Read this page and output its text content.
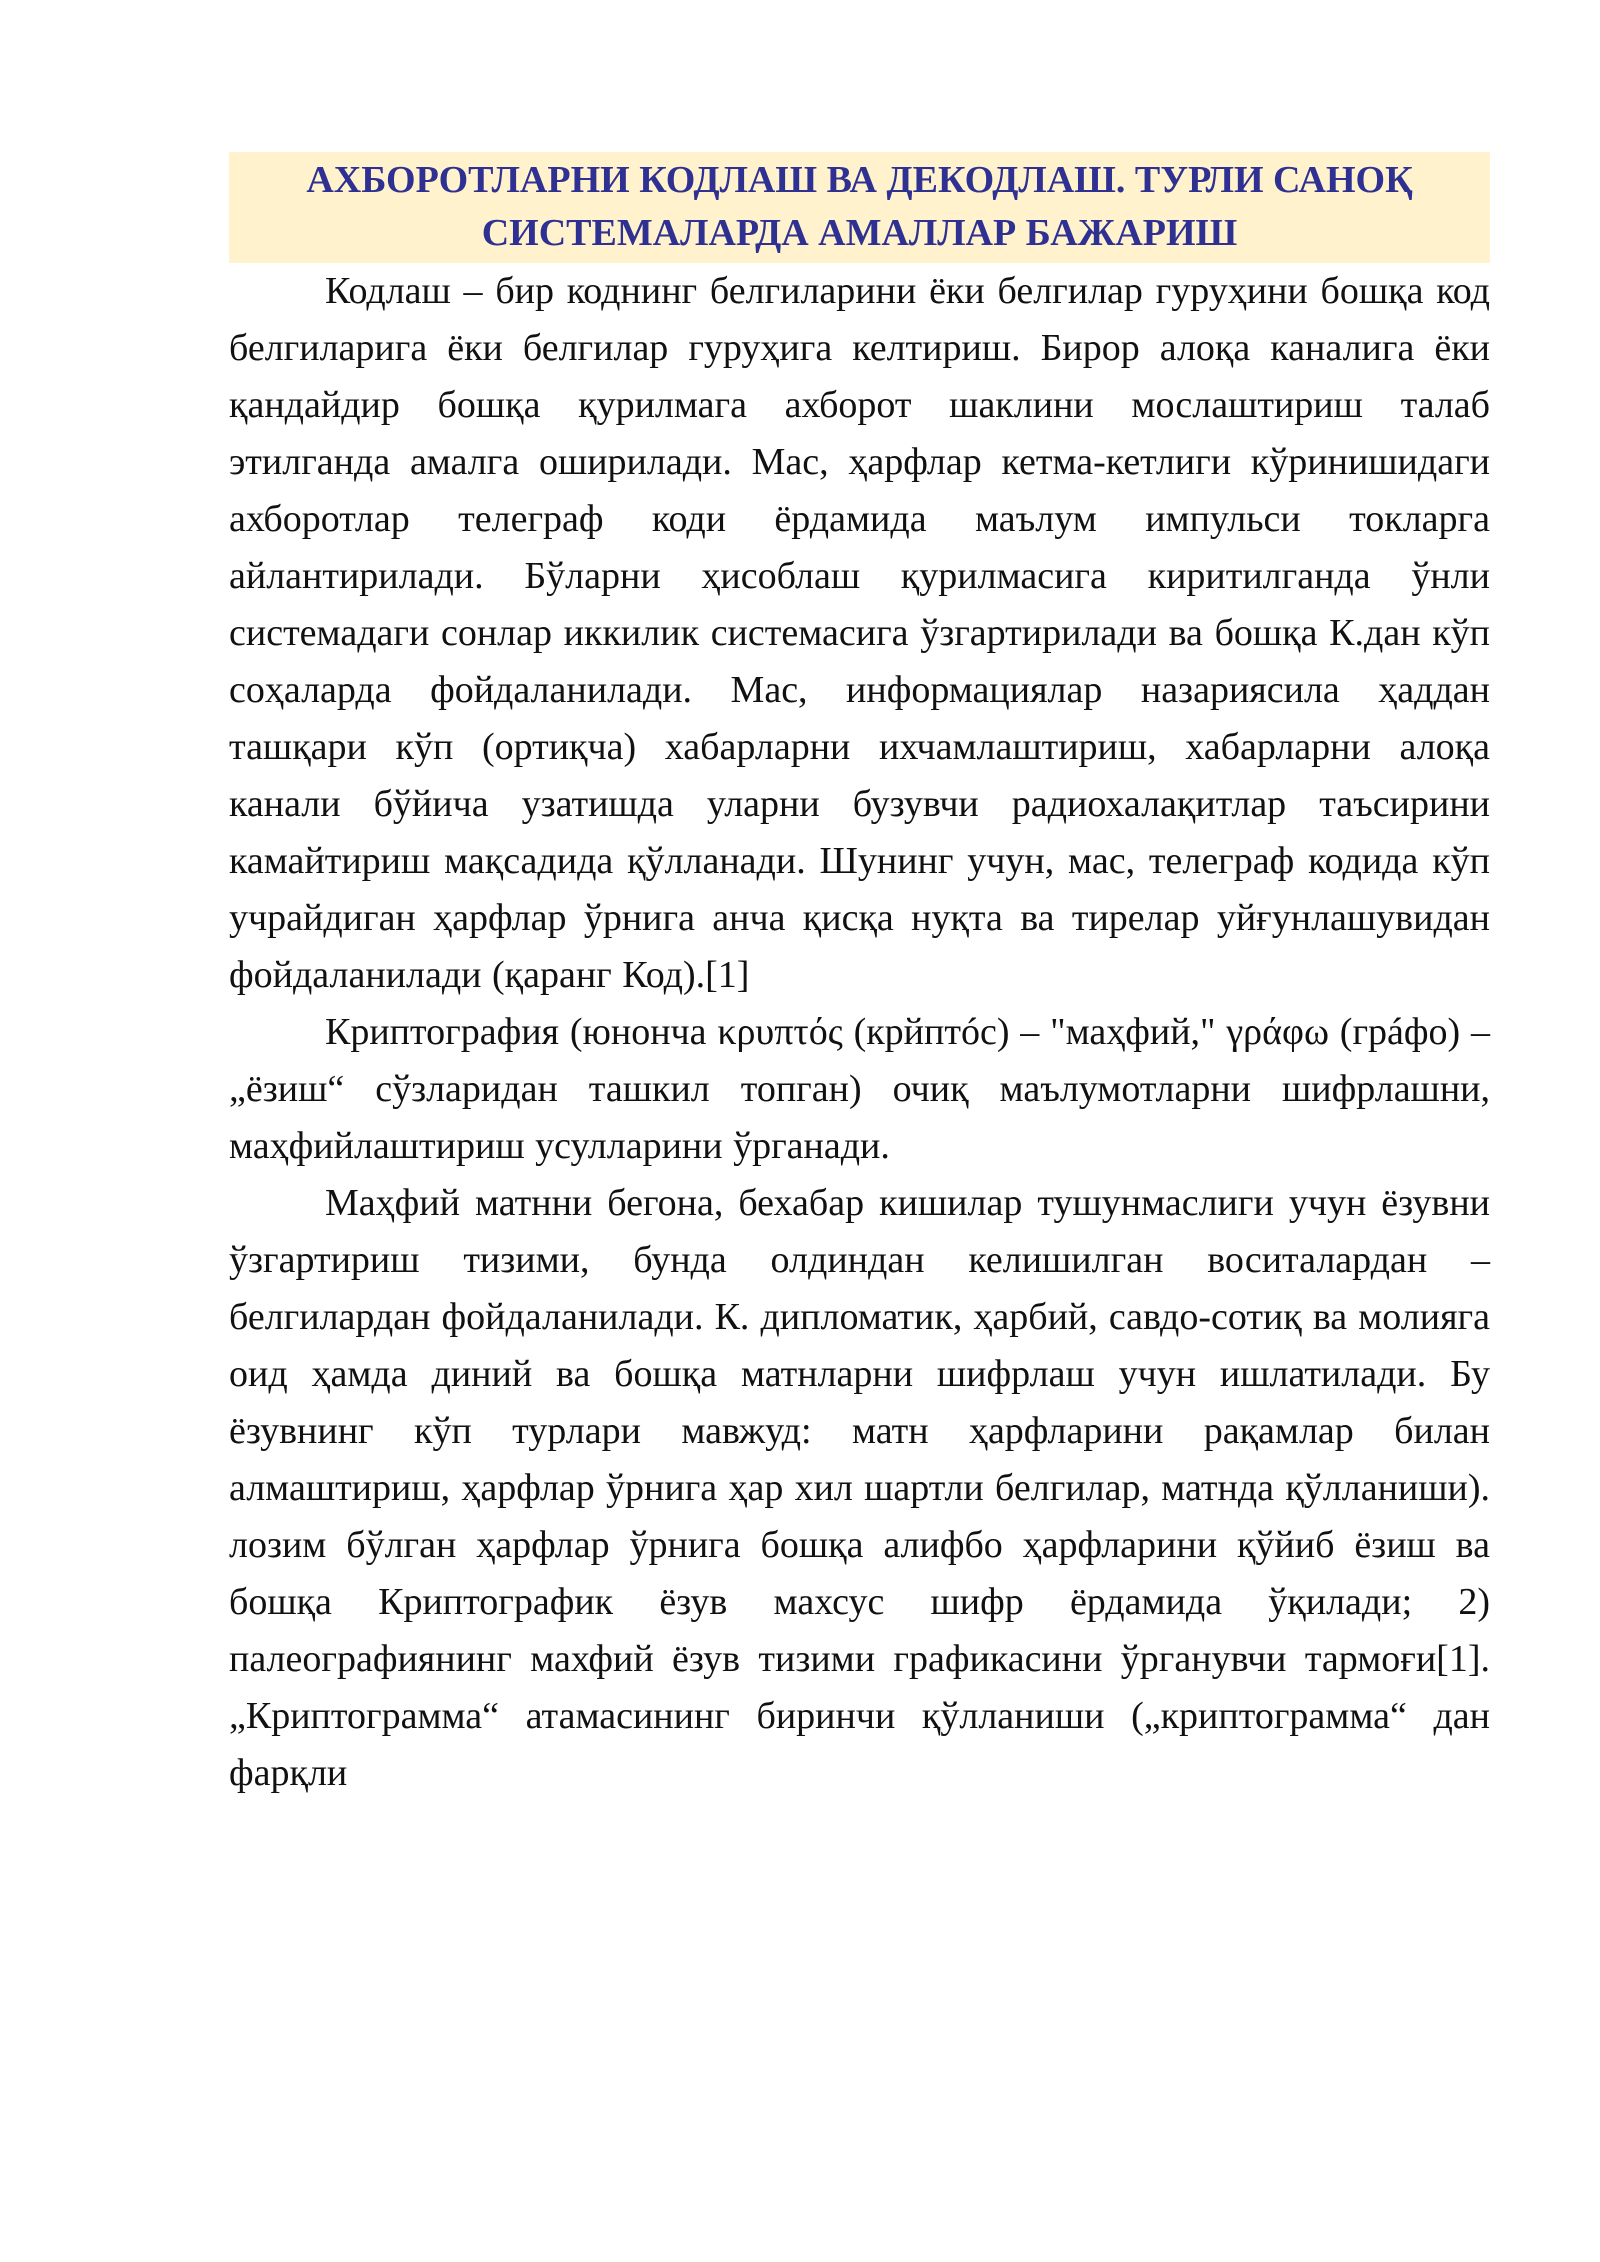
АХБОРОТЛАРНИ КОДЛАШ ВА ДЕКОДЛАШ. ТУРЛИ САНОҚ
СИСТЕМАЛАРДА АМАЛЛАР БАЖАРИШ

Кодлаш – бир коднинг белгиларини ёки белгилар гуруҳини бошқа код белгиларига ёки белгилар гуруҳига келтириш. Бирор алоқа каналига ёки қандайдир бошқа қурилмага ахборот шаклини мослаштириш талаб этилганда амалга оширилади. Мас, ҳарфлар кетма-кетлиги кўринишидаги ахборотлар телеграф коди ёрдамида маълум импульси токларга айлантирилади. Бўларни ҳисоблаш қурилмасига киритилганда ўнли системадаги сонлар иккилик системасига ўзгартирилади ва бошқа К.дан кўп соҳаларда фойдаланилади. Мас, информациялар назариясила ҳаддан ташқари кўп (ортиқча) хабарларни ихчамлаштириш, хабарларни алоқа канали бўйича узатишда уларни бузувчи радиохалақитлар таъсирини камайтириш мақсадида қўлланади. Шунинг учун, мас, телеграф кодида кўп учрайдиган ҳарфлар ўрнига анча қисқа нуқта ва тирелар уйғунлашувидан фойдаланилади (қаранг Код).[1]

Криптография (юнонча κρυπτός (крйптóс) – "маҳфий," γράφω (грáфо) – „ёзиш“ сўзларидан ташкил топган) очиқ маълумотларни шифрлашни, маҳфийлаштириш усулларини ўрганади.

Маҳфий матнни бегона, бехабар кишилар тушунмаслиги учун ёзувни ўзгартириш тизими, бунда олдиндан келишилган воситалардан – белгилардан фойдаланилади. К. дипломатик, ҳарбий, савдо-сотиқ ва молияга оид ҳамда диний ва бошқа матнларни шифрлаш учун ишлатилади. Бу ёзувнинг кўп турлари мавжуд: матн ҳарфларини рақамлар билан алмаштириш, ҳарфлар ўрнига ҳар хил шартли белгилар, матнда қўлланиши). лозим бўлган ҳарфлар ўрнига бошқа алифбо ҳарфларини қўйиб ёзиш ва бошқа Криптографик ёзув махсус шифр ёрдамида ўқилади; 2) палеографиянинг махфий ёзув тизими графикасини ўрганувчи тармоғи[1]. „Криптограмма“ атамасининг биринчи қўлланиши („криптограмма“ дан фарқли
